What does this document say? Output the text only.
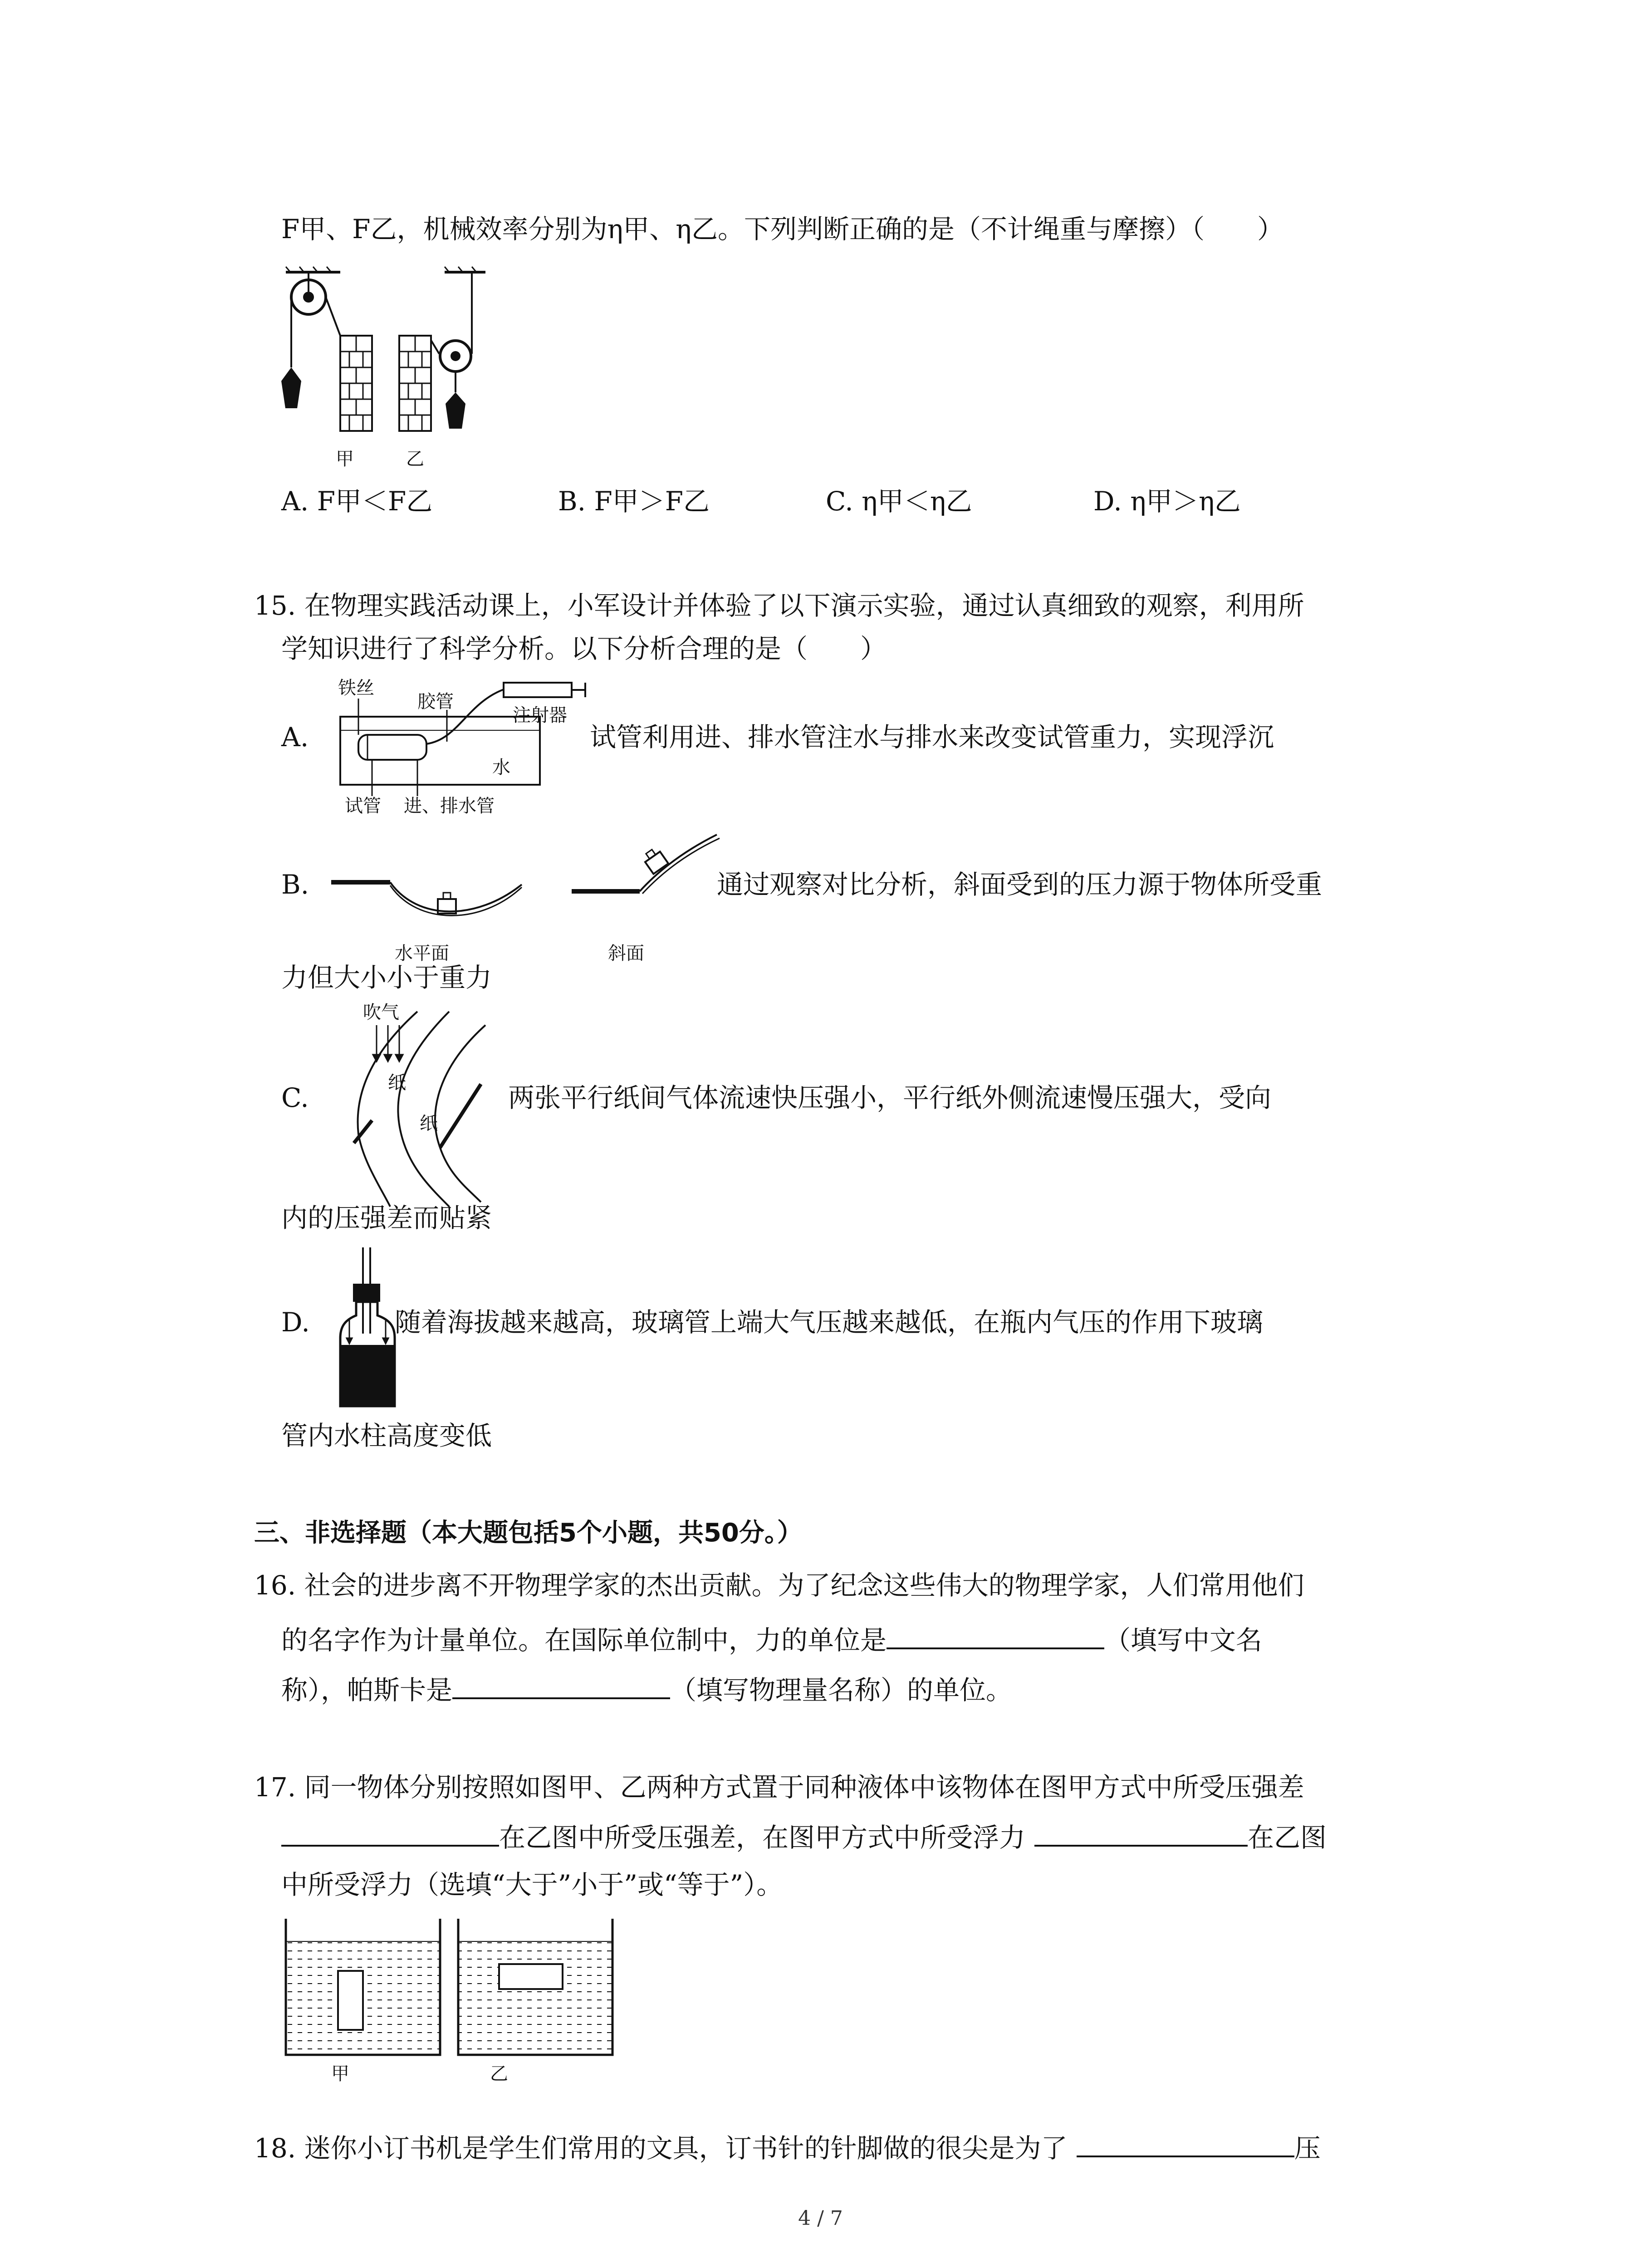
F甲、F乙，机械效率分别为η甲、η乙。下列判断正确的是（不计绳重与摩擦）（　　）
甲	乙
A. F甲＜F乙	B. F甲＞F乙	C. η甲＜η乙	D. η甲＞η乙
15. 在物理实践活动课上，小军设计并体验了以下演示实验，通过认真细致的观察，利用所
学知识进行了科学分析。以下分析合理的是（　　）
A.
铁丝
胶管
注射器
水
试管 进、排水管
试管利用进、排水管注水与排水来改变试管重力，实现浮沉
B.
水平面	斜面
通过观察对比分析，斜面受到的压力源于物体所受重
力但大小小于重力
C.
吹气
纸
纸
两张平行纸间气体流速快压强小，平行纸外侧流速慢压强大，受向
内的压强差而贴紧
D.	随着海拔越来越高，玻璃管上端大气压越来越低，在瓶内气压的作用下玻璃
管内水柱高度变低
三、非选择题（本大题包括5个小题，共50分。）
16. 社会的进步离不开物理学家的杰出贡献。为了纪念这些伟大的物理学家，人们常用他们
的名字作为计量单位。在国际单位制中，力的单位是	（填写中文名
称），帕斯卡是	（填写物理量名称）的单位。
17. 同一物体分别按照如图甲、乙两种方式置于同种液体中该物体在图甲方式中所受压强差
在乙图中所受压强差，在图甲方式中所受浮力	在乙图
中所受浮力（选填“大于”小于”或“等于”）。
甲	乙
18. 迷你小订书机是学生们常用的文具，订书针的针脚做的很尖是为了	压
4 / 7
